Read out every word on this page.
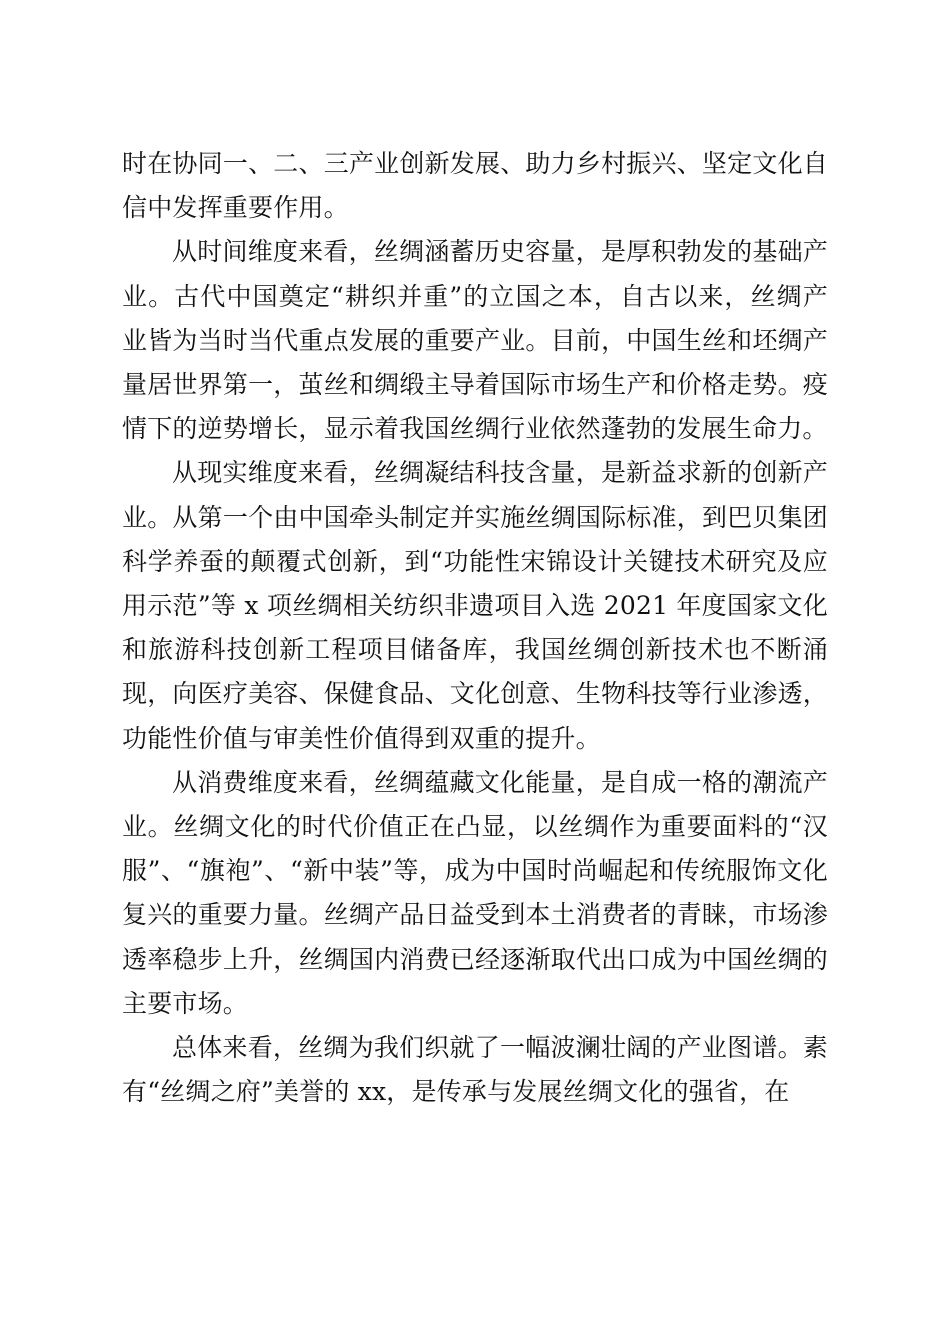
时在协同一、二、三产业创新发展、助力乡村振兴、坚定文化自信中发挥重要作用。

从时间维度来看，丝绸涵蓄历史容量，是厚积勃发的基础产业。古代中国奠定“耕织并重”的立国之本，自古以来，丝绸产业皆为当时当代重点发展的重要产业。目前，中国生丝和坯绸产量居世界第一，茧丝和绸缎主导着国际市场生产和价格走势。疫情下的逆势增长，显示着我国丝绸行业依然蓬勃的发展生命力。

从现实维度来看，丝绸凝结科技含量，是新益求新的创新产业。从第一个由中国牵头制定并实施丝绸国际标准，到巴贝集团科学养蚕的颠覆式创新，到“功能性宋锦设计关键技术研究及应用示范”等 x 项丝绸相关纺织非遗项目入选 2021 年度国家文化和旅游科技创新工程项目储备库，我国丝绸创新技术也不断涌现，向医疗美容、保健食品、文化创意、生物科技等行业渗透，功能性价值与审美性价值得到双重的提升。

从消费维度来看，丝绸蕴藏文化能量，是自成一格的潮流产业。丝绸文化的时代价值正在凸显，以丝绸作为重要面料的“汉服”、“旗袍”、“新中装”等，成为中国时尚崛起和传统服饰文化复兴的重要力量。丝绸产品日益受到本土消费者的青睐，市场渗透率稳步上升，丝绸国内消费已经逐渐取代出口成为中国丝绸的主要市场。

总体来看，丝绸为我们织就了一幅波澜壮阔的产业图谱。素有“丝绸之府”美誉的 xx，是传承与发展丝绸文化的强省，在
